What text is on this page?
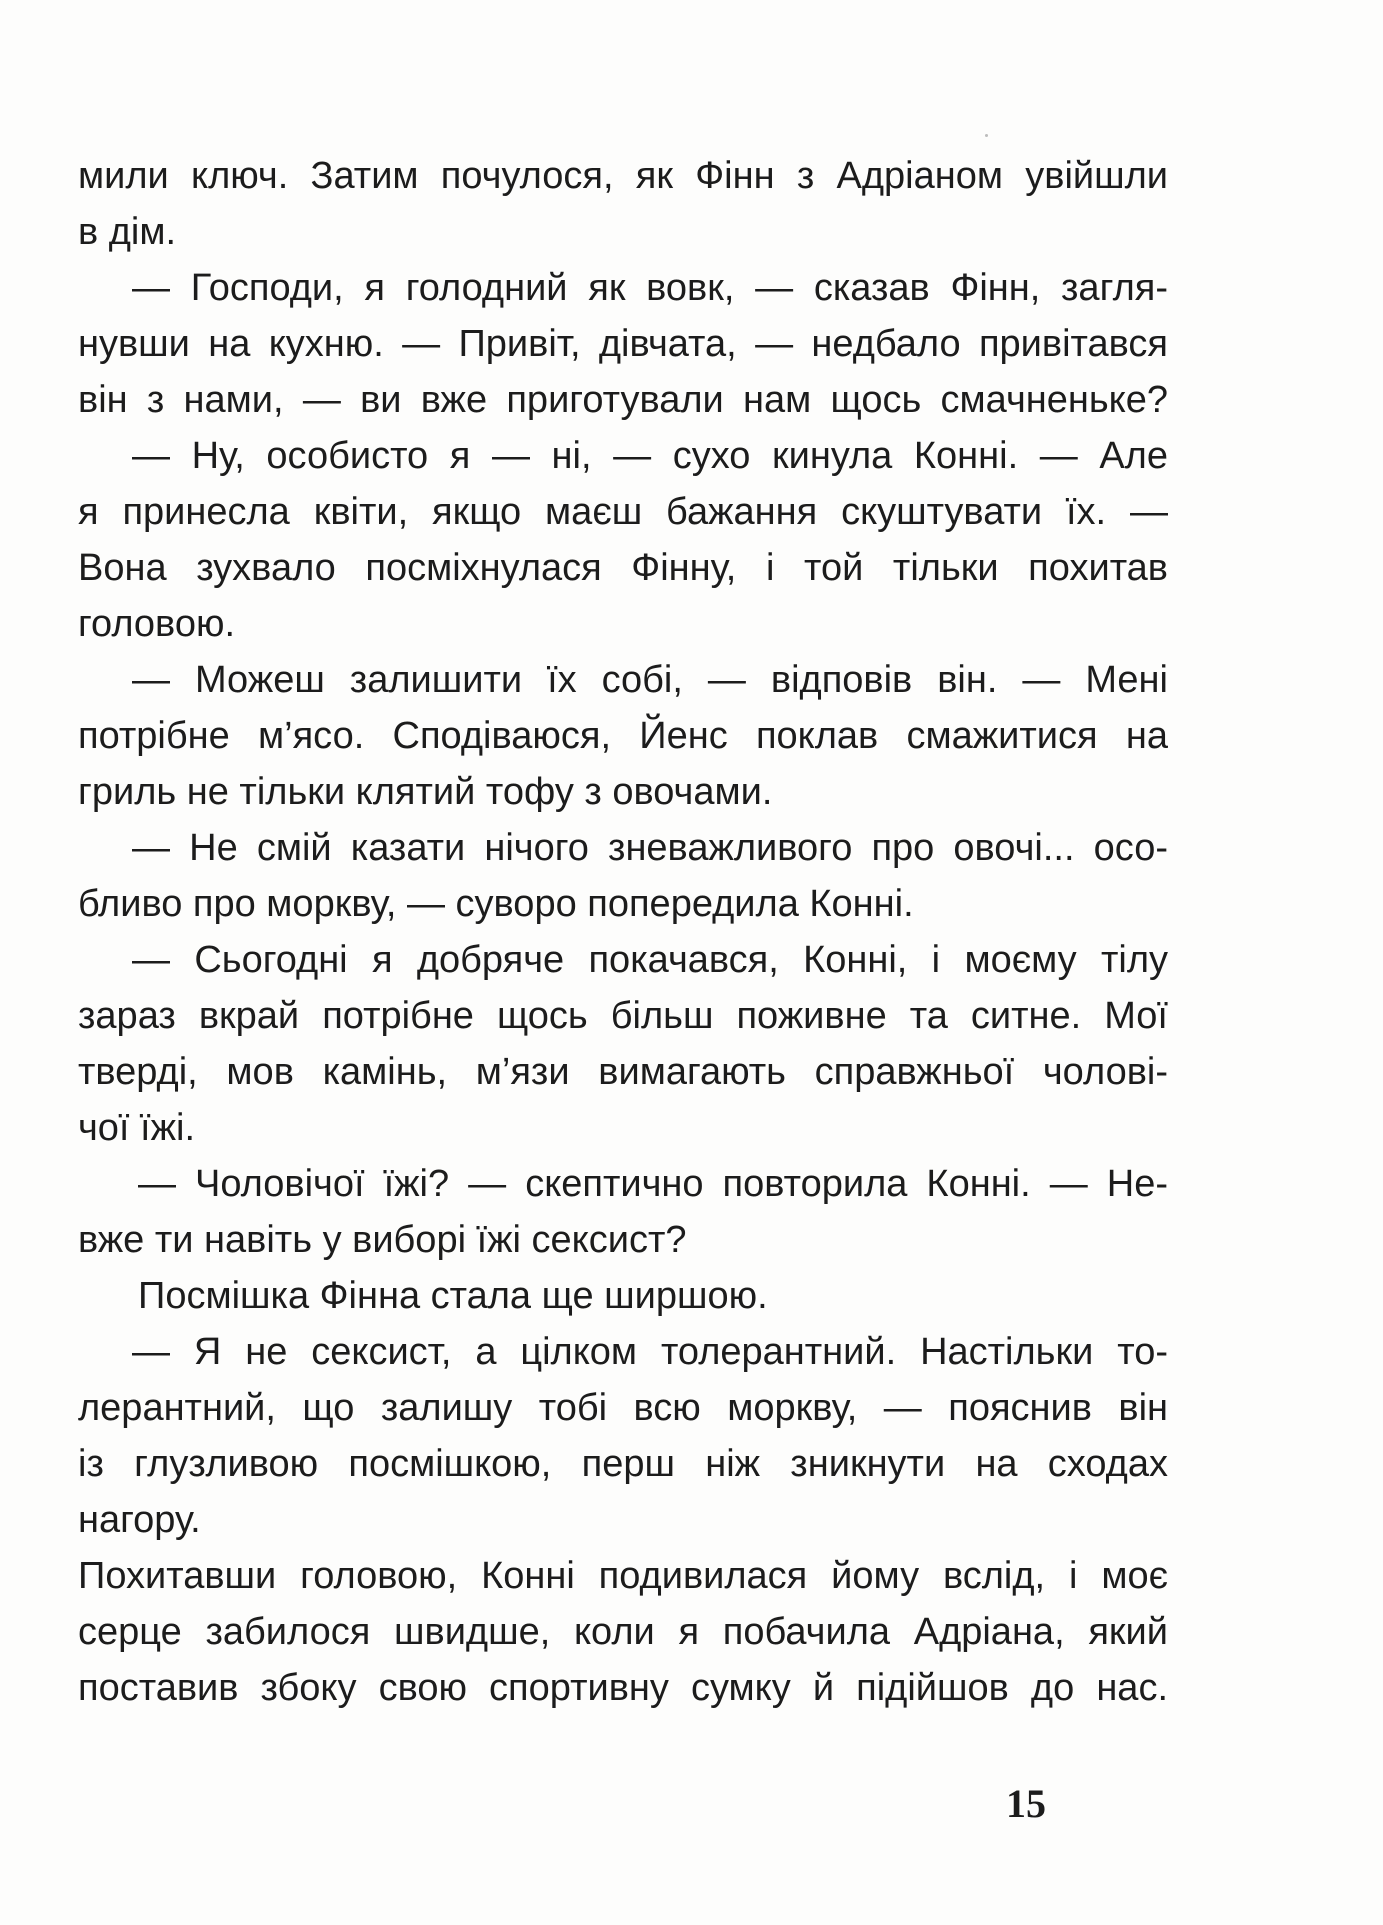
мили ключ. Затим почулося, як Фінн з Адріаном увійшли
в дім.
— Господи, я голодний як вовк, — сказав Фінн, загля-
нувши на кухню. — Привіт, дівчата, — недбало привітався
він з нами, — ви вже приготували нам щось смачненьке?
— Ну, особисто я — ні, — сухо кинула Конні. — Але
я принесла квіти, якщо маєш бажання скуштувати їх. —
Вона зухвало посміхнулася Фінну, і той тільки похитав
головою.
— Можеш залишити їх собі, — відповів він. — Мені
потрібне м’ясо. Сподіваюся, Йенс поклав смажитися на
гриль не тільки клятий тофу з овочами.
— Не смій казати нічого зневажливого про овочі... осо-
бливо про моркву, — суворо попередила Конні.
— Сьогодні я добряче покачався, Конні, і моєму тілу
зараз вкрай потрібне щось більш поживне та ситне. Мої
тверді, мов камінь, м’язи вимагають справжньої чолові-
чої їжі.
— Чоловічої їжі? — скептично повторила Конні. — Не-
вже ти навіть у виборі їжі сексист?
Посмішка Фінна стала ще ширшою.
— Я не сексист, а цілком толерантний. Настільки то-
лерантний, що залишу тобі всю моркву, — пояснив він
із глузливою посмішкою, перш ніж зникнути на сходах
нагору.
Похитавши головою, Конні подивилася йому вслід, і моє
серце забилося швидше, коли я побачила Адріана, який
поставив збоку свою спортивну сумку й підійшов до нас.
15
